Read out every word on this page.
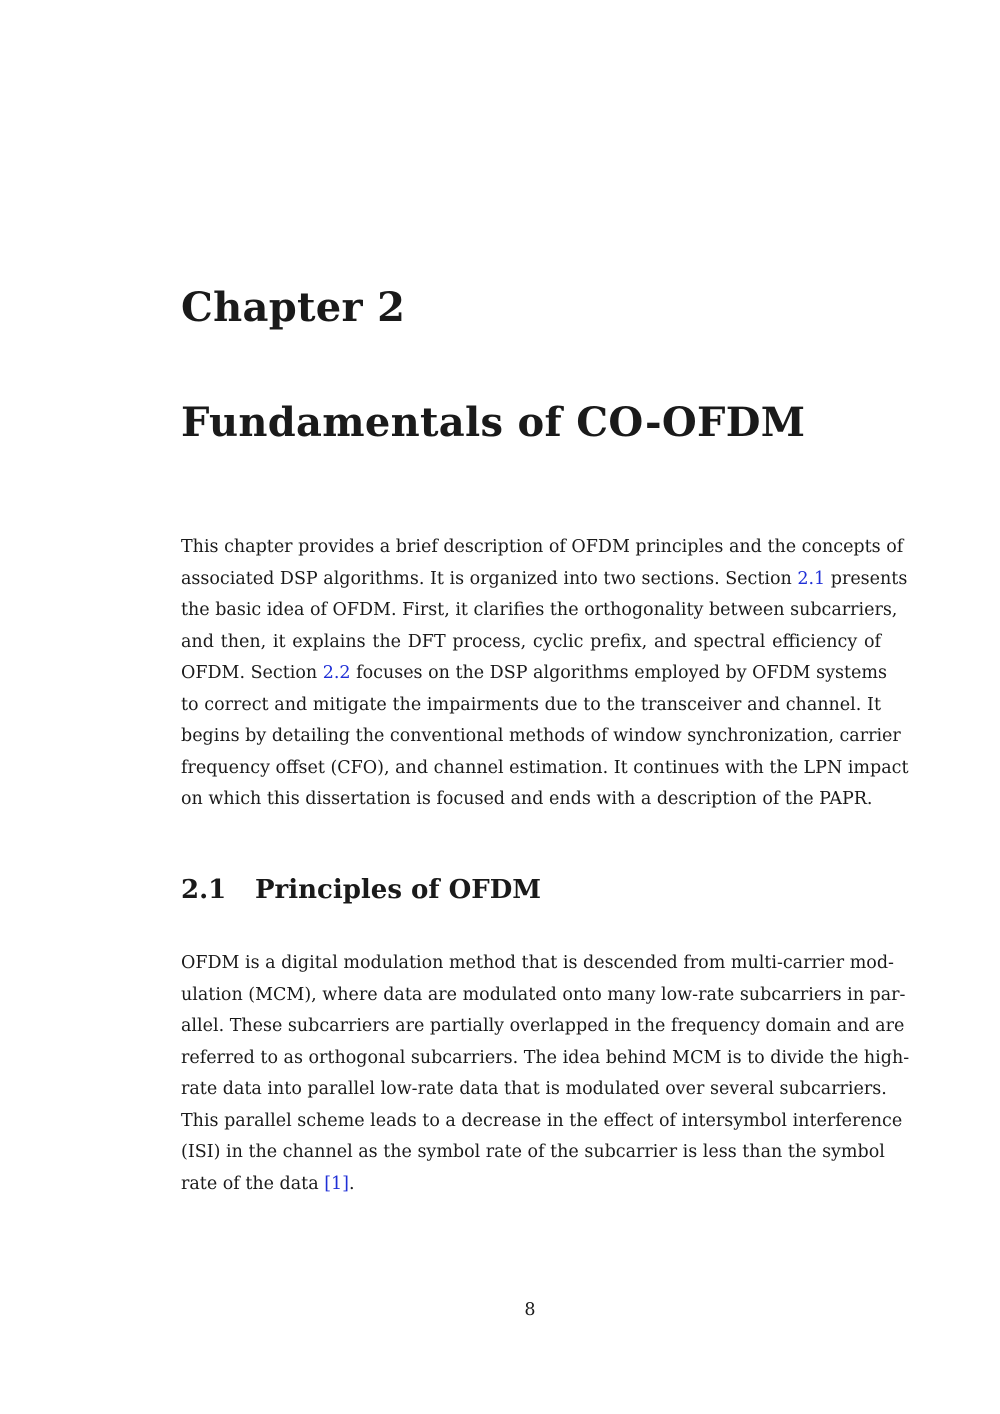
Chapter 2
Fundamentals of CO-OFDM
This chapter provides a brief description of OFDM principles and the concepts of
associated DSP algorithms. It is organized into two sections. Section 2.1 presents
the basic idea of OFDM. First, it clarifies the orthogonality between subcarriers,
and then, it explains the DFT process, cyclic prefix, and spectral efficiency of
OFDM. Section 2.2 focuses on the DSP algorithms employed by OFDM systems
to correct and mitigate the impairments due to the transceiver and channel. It
begins by detailing the conventional methods of window synchronization, carrier
frequency offset (CFO), and channel estimation. It continues with the LPN impact
on which this dissertation is focused and ends with a description of the PAPR.
2.1 Principles of OFDM
OFDM is a digital modulation method that is descended from multi-carrier mod-
ulation (MCM), where data are modulated onto many low-rate subcarriers in par-
allel. These subcarriers are partially overlapped in the frequency domain and are
referred to as orthogonal subcarriers. The idea behind MCM is to divide the high-
rate data into parallel low-rate data that is modulated over several subcarriers.
This parallel scheme leads to a decrease in the effect of intersymbol interference
(ISI) in the channel as the symbol rate of the subcarrier is less than the symbol
rate of the data [1].
8
